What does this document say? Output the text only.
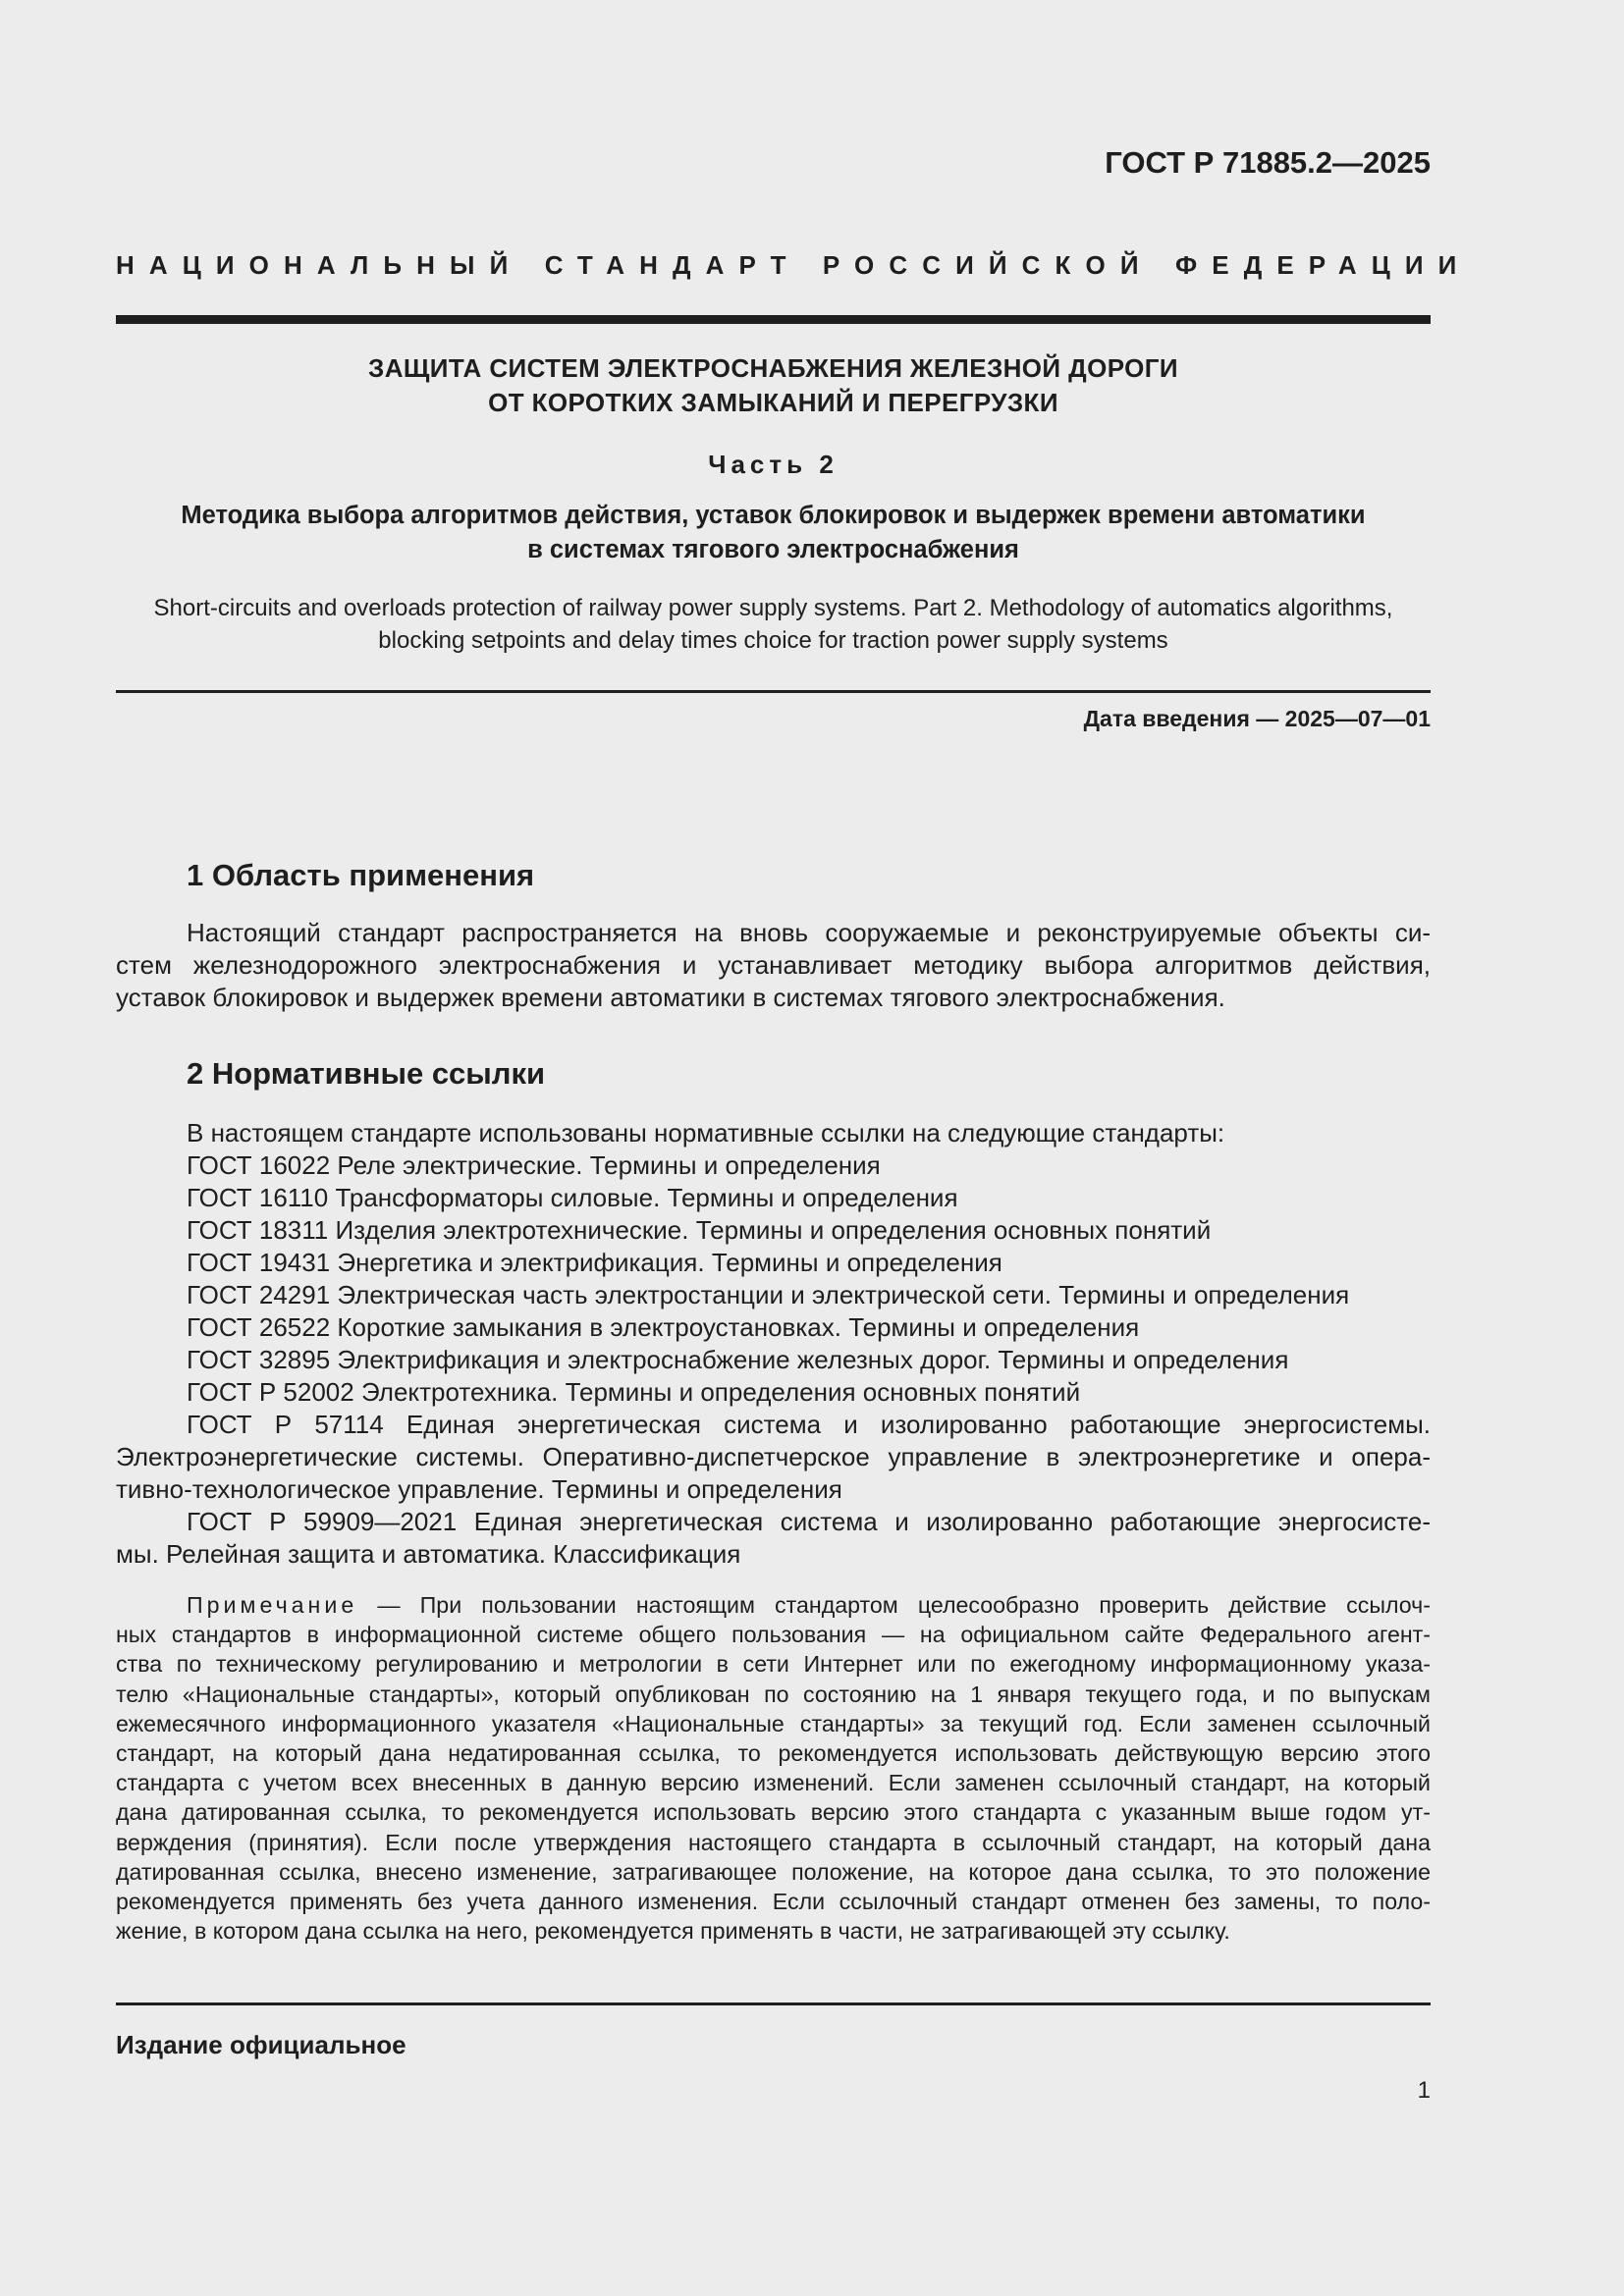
ГОСТ Р 71885.2—2025
НАЦИОНАЛЬНЫЙ СТАНДАРТ РОССИЙСКОЙ ФЕДЕРАЦИИ
ЗАЩИТА СИСТЕМ ЭЛЕКТРОСНАБЖЕНИЯ ЖЕЛЕЗНОЙ ДОРОГИ
ОТ КОРОТКИХ ЗАМЫКАНИЙ И ПЕРЕГРУЗКИ
Часть 2
Методика выбора алгоритмов действия, уставок блокировок и выдержек времени автоматики
в системах тягового электроснабжения
Short-circuits and overloads protection of railway power supply systems. Part 2. Methodology of automatics algorithms,
blocking setpoints and delay times choice for traction power supply systems
Дата введения — 2025—07—01
1 Область применения
Настоящий стандарт распространяется на вновь сооружаемые и реконструируемые объекты си-
стем железнодорожного электроснабжения и устанавливает методику выбора алгоритмов действия,
уставок блокировок и выдержек времени автоматики в системах тягового электроснабжения.
2 Нормативные ссылки
В настоящем стандарте использованы нормативные ссылки на следующие стандарты:
ГОСТ 16022 Реле электрические. Термины и определения
ГОСТ 16110 Трансформаторы силовые. Термины и определения
ГОСТ 18311 Изделия электротехнические. Термины и определения основных понятий
ГОСТ 19431 Энергетика и электрификация. Термины и определения
ГОСТ 24291 Электрическая часть электростанции и электрической сети. Термины и определения
ГОСТ 26522 Короткие замыкания в электроустановках. Термины и определения
ГОСТ 32895 Электрификация и электроснабжение железных дорог. Термины и определения
ГОСТ Р 52002 Электротехника. Термины и определения основных понятий
ГОСТ Р 57114 Единая энергетическая система и изолированно работающие энергосистемы.
Электроэнергетические системы. Оперативно-диспетчерское управление в электроэнергетике и опера-
тивно-технологическое управление. Термины и определения
ГОСТ Р 59909—2021 Единая энергетическая система и изолированно работающие энергосисте-
мы. Релейная защита и автоматика. Классификация
Примечание — При пользовании настоящим стандартом целесообразно проверить действие ссылоч-
ных стандартов в информационной системе общего пользования — на официальном сайте Федерального агент-
ства по техническому регулированию и метрологии в сети Интернет или по ежегодному информационному указа-
телю «Национальные стандарты», который опубликован по состоянию на 1 января текущего года, и по выпускам
ежемесячного информационного указателя «Национальные стандарты» за текущий год. Если заменен ссылочный
стандарт, на который дана недатированная ссылка, то рекомендуется использовать действующую версию этого
стандарта с учетом всех внесенных в данную версию изменений. Если заменен ссылочный стандарт, на который
дана датированная ссылка, то рекомендуется использовать версию этого стандарта с указанным выше годом ут-
верждения (принятия). Если после утверждения настоящего стандарта в ссылочный стандарт, на который дана
датированная ссылка, внесено изменение, затрагивающее положение, на которое дана ссылка, то это положение
рекомендуется применять без учета данного изменения. Если ссылочный стандарт отменен без замены, то поло-
жение, в котором дана ссылка на него, рекомендуется применять в части, не затрагивающей эту ссылку.
Издание официальное
1
